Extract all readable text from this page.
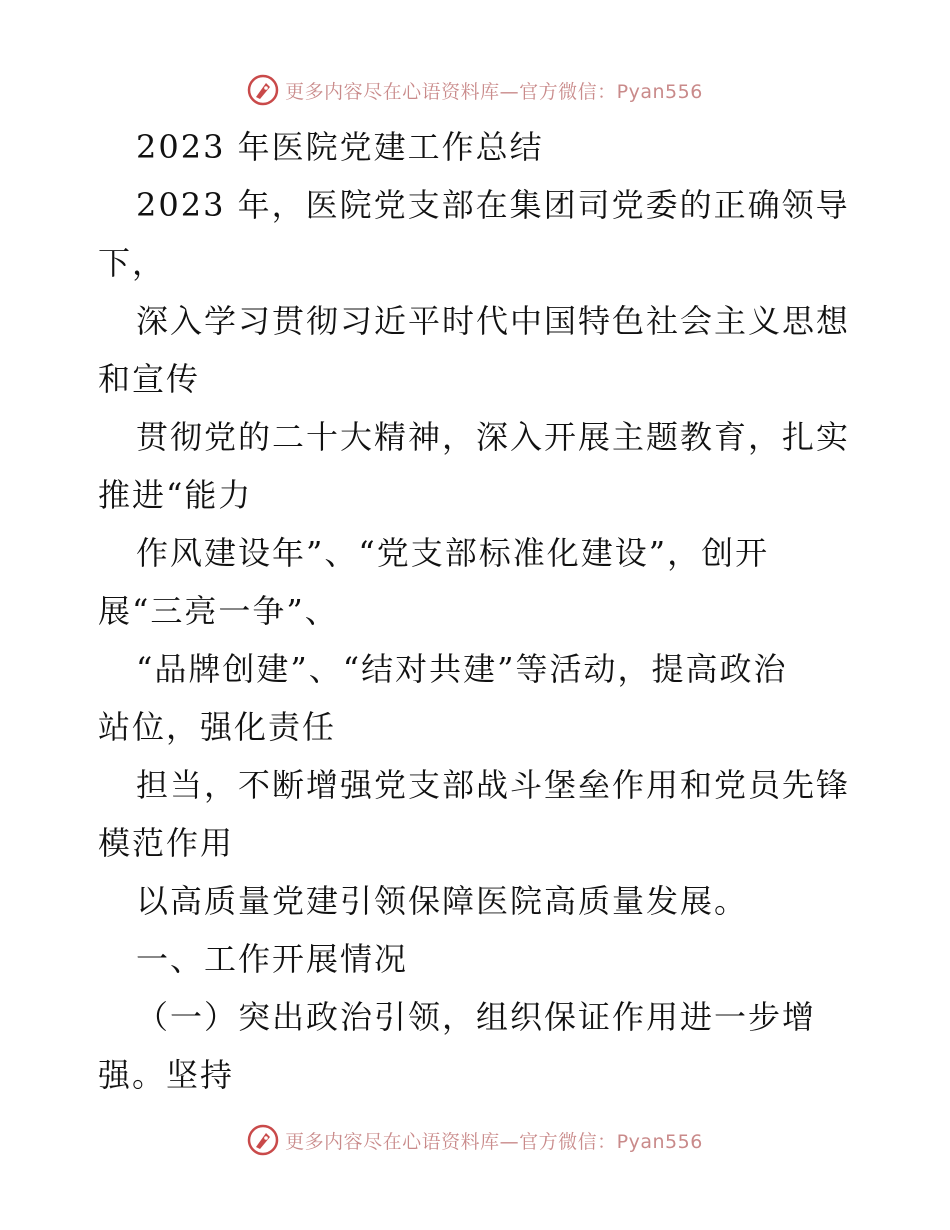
更多内容尽在心语资料库—官方微信：Pyan556
2023 年医院党建工作总结
2023 年，医院党支部在集团司党委的正确领导
下，
深入学习贯彻习近平时代中国特色社会主义思想
和宣传
贯彻党的二十大精神，深入开展主题教育，扎实
推进“能力
作风建设年”、“党支部标准化建设”，创开
展“三亮一争”、
“品牌创建”、“结对共建”等活动，提高政治
站位，强化责任
担当，不断增强党支部战斗堡垒作用和党员先锋
模范作用
以高质量党建引领保障医院高质量发展。
一、工作开展情况
（一）突出政治引领，组织保证作用进一步增
强。坚持
更多内容尽在心语资料库—官方微信：Pyan556
